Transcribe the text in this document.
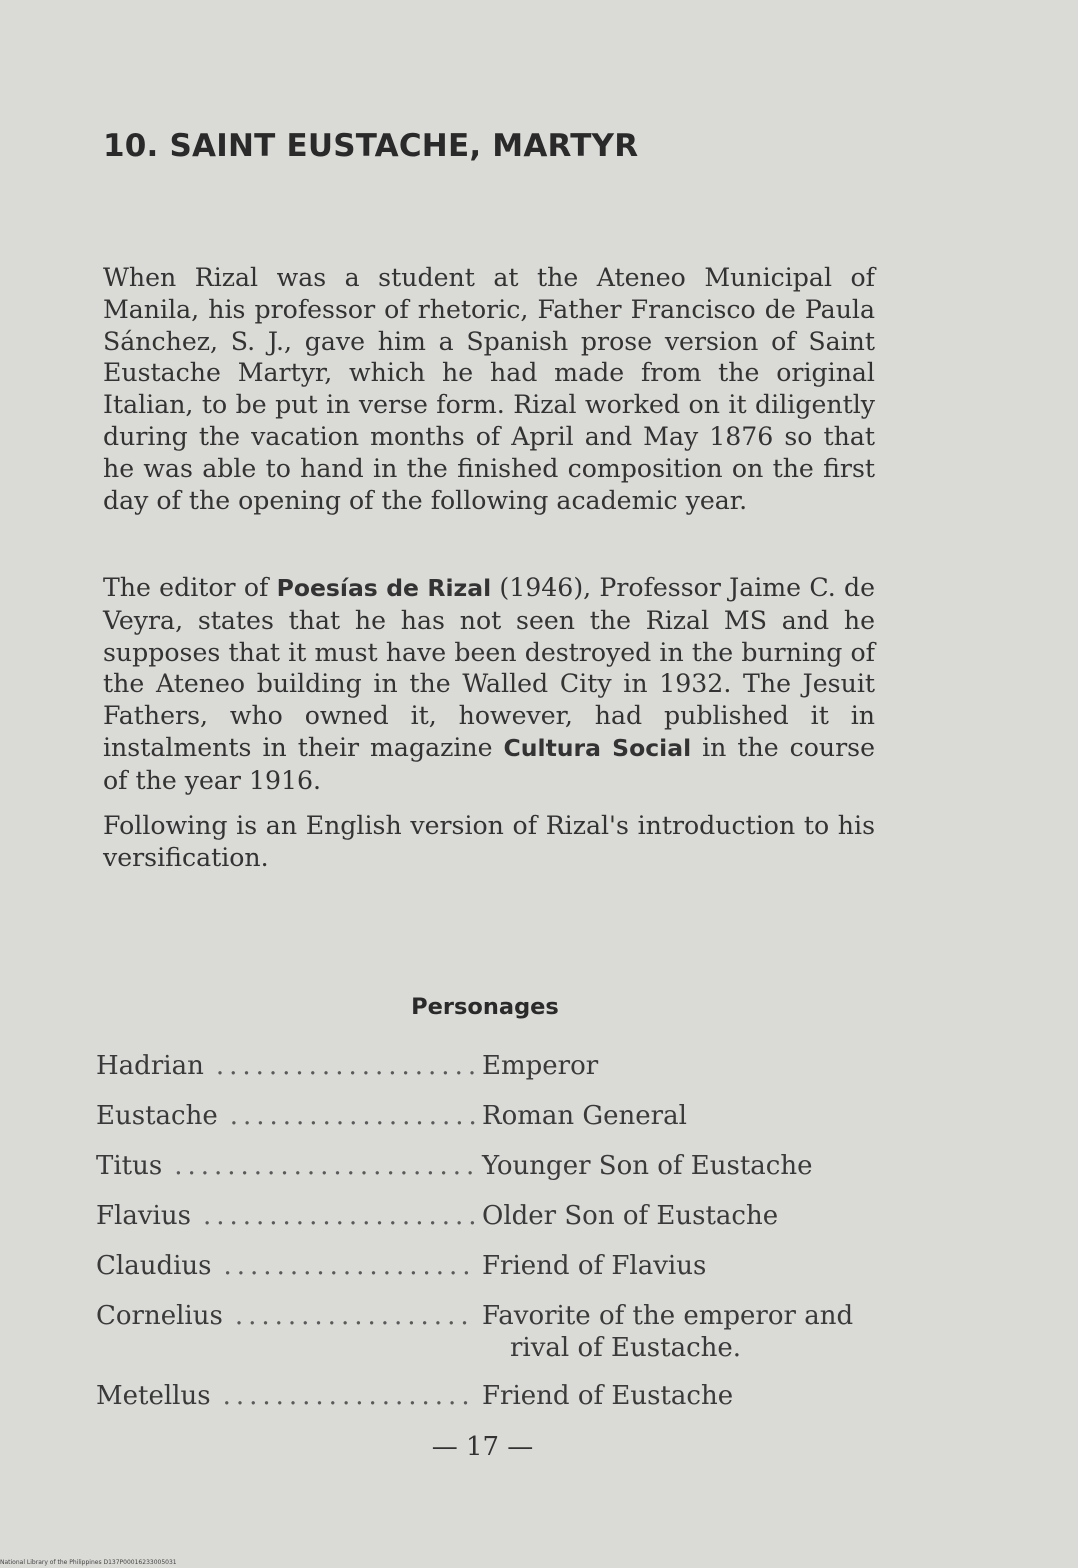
10. SAINT EUSTACHE, MARTYR

When Rizal was a student at the Ateneo Municipal of Manila, his professor of rhetoric, Father Francisco de Paula Sánchez, S. J., gave him a Spanish prose version of Saint Eustache Martyr, which he had made from the original Italian, to be put in verse form. Rizal worked on it diligently during the vacation months of April and May 1876 so that he was able to hand in the finished composition on the first day of the opening of the following academic year.

The editor of Poesías de Rizal (1946), Professor Jaime C. de Veyra, states that he has not seen the Rizal MS and he supposes that it must have been destroyed in the burning of the Ateneo building in the Walled City in 1932. The Jesuit Fathers, who owned it, however, had published it in instalments in their magazine Cultura Social in the course of the year 1916.

Following is an English version of Rizal's introduction to his versification.

Personages
Hadrian .....	Emperor
Eustache .....	Roman General
Titus .....	Younger Son of Eustache
Flavius .....	Older Son of Eustache
Claudius .....	Friend of Flavius
Cornelius .....	Favorite of the emperor and rival of Eustache.
Metellus .....	Friend of Eustache

— 17 —

National Library of the Philippines D137P00016233005031
